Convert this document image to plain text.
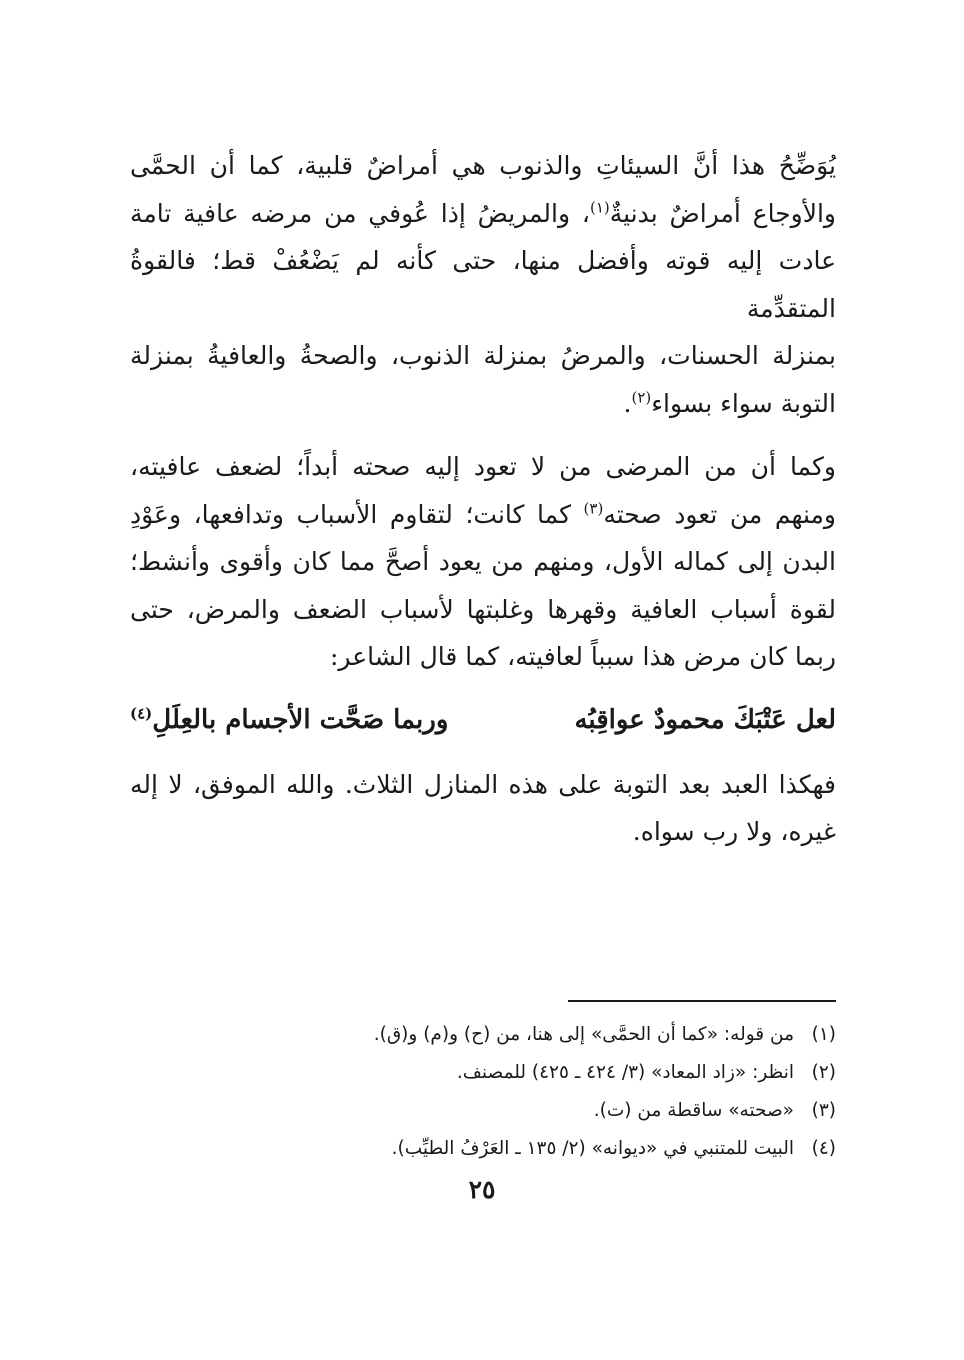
يُوَضِّحُ هذا أنَّ السيئاتِ والذنوب هي أمراضٌ قلبية، كما أن الحمَّى
والأوجاع أمراضٌ بدنيةٌ$^{(١)}$، والمريضُ إذا عُوفي من مرضه عافية تامة
عادت إليه قوته وأفضل منها، حتى كأنه لم يَضْعُفْ قط؛ فالقوةُ المتقدِّمة
بمنزلة الحسنات، والمرضُ بمنزلة الذنوب، والصحةُ والعافيةُ بمنزلة
التوبة سواء بسواء$^{(٢)}$.

وكما أن من المرضى من لا تعود إليه صحته أبداً؛ لضعف عافيته،
ومنهم من تعود صحته$^{(٣)}$ كما كانت؛ لتقاوم الأسباب وتدافعها، وعَوْدِ
البدن إلى كماله الأول، ومنهم من يعود أصحَّ مما كان وأقوى وأنشط؛
لقوة أسباب العافية وقهرها وغلبتها لأسباب الضعف والمرض، حتى
ربما كان مرض هذا سبباً لعافيته، كما قال الشاعر:

لعل عَتْبَكَ محمودٌ عواقِبُه
وربما صَحَّت الأجسام بالعِلَلِ$^{(٤)}$

فهكذا العبد بعد التوبة على هذه المنازل الثلاث. والله الموفق، لا إله
غيره، ولا رب سواه.

(١)
من قوله: «كما أن الحمَّى» إلى هنا، من (ح) و(م) و(ق).
(٢)
انظر: «زاد المعاد» (٣/ ٤٢٤ ـ ٤٢٥) للمصنف.
(٣)
«صحته» ساقطة من (ت).
(٤)
البيت للمتنبي في «ديوانه» (٢/ ١٣٥ ـ العَرْفُ الطيِّب).
٢٥
